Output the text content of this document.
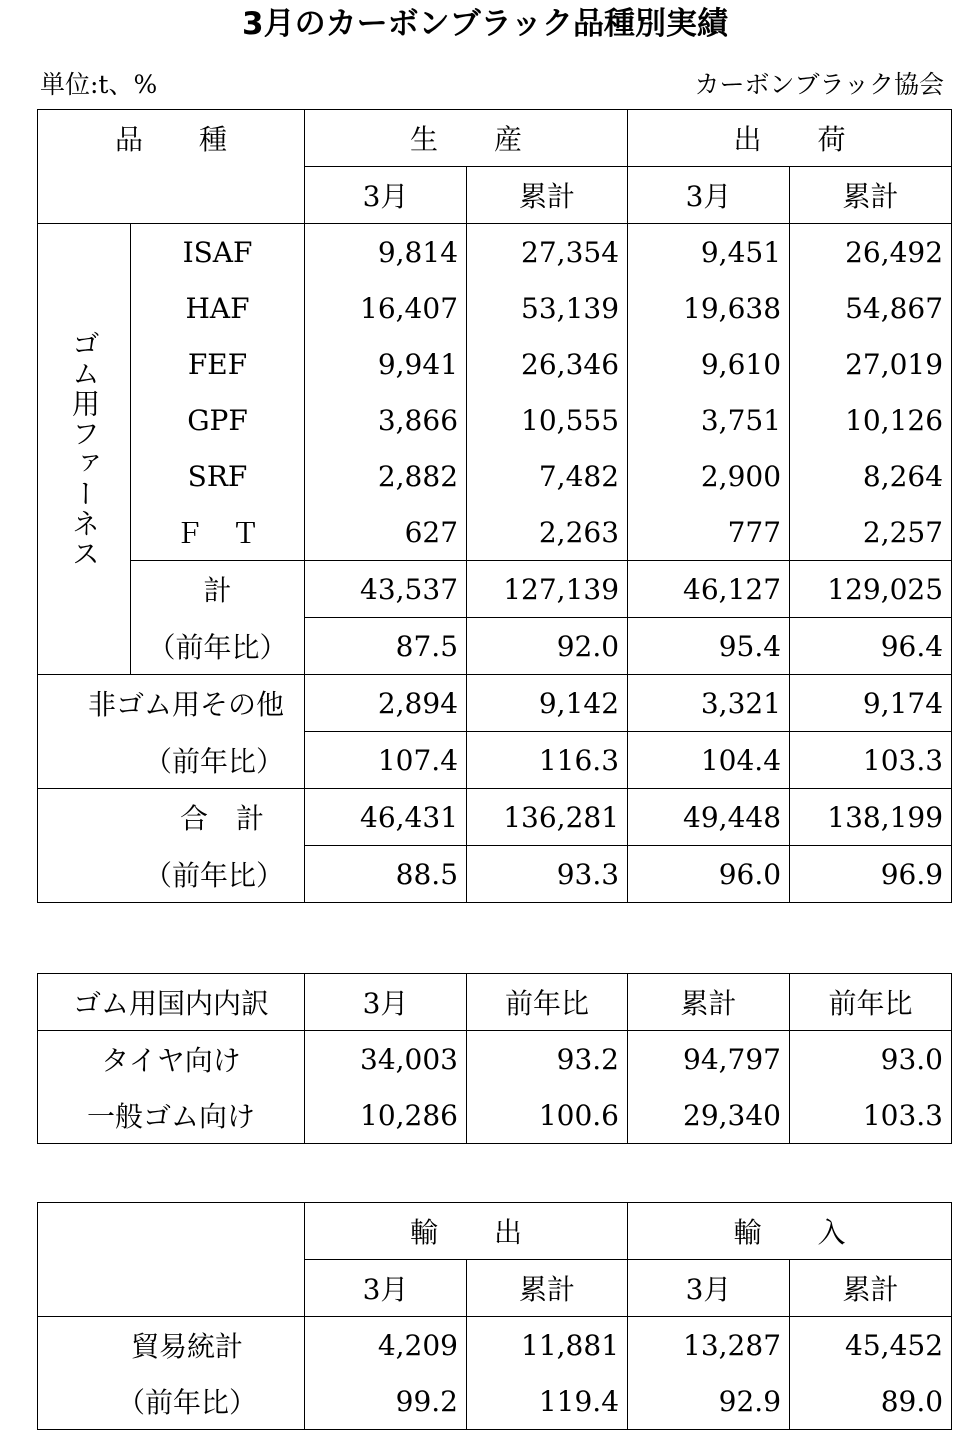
3月のカーボンブラック品種別実績
単位:t、%	カーボンブラック協会
品　　種		生　　産		出　　荷	
		3月	累計	3月	累計
ゴム用ファーネス	ISAF	9,814	27,354	9,451	26,492
	HAF	16,407	53,139	19,638	54,867
	FEF	9,941	26,346	9,610	27,019
	GPF	3,866	10,555	3,751	10,126
	SRF	2,882	7,482	2,900	8,264
	Ｆ　Ｔ	627	2,263	777	2,257
	計	43,537	127,139	46,127	129,025
	（前年比）	87.5	92.0	95.4	96.4
非ゴム用その他		2,894	9,142	3,321	9,174
（前年比）		107.4	116.3	104.4	103.3
合　計		46,431	136,281	49,448	138,199
（前年比）		88.5	93.3	96.0	96.9
ゴム用国内内訳	3月	前年比	累計	前年比
タイヤ向け	34,003	93.2	94,797	93.0
一般ゴム向け	10,286	100.6	29,340	103.3
	輸　　出		輸　　入	
	3月	累計	3月	累計
貿易統計	4,209	11,881	13,287	45,452
（前年比）	99.2	119.4	92.9	89.0
